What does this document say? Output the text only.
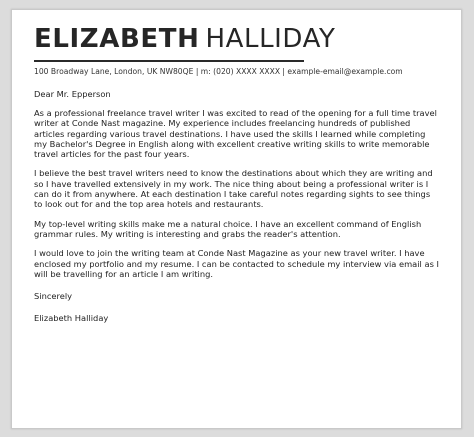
ELIZABETH HALLIDAY
100 Broadway Lane, London, UK NW80QE | m: (020) XXXX XXXX | example-email@example.com
Dear Mr. Epperson

As a professional freelance travel writer I was excited to read of the opening for a full time travel writer at Conde Nast magazine. My experience includes freelancing hundreds of published articles regarding various travel destinations. I have used the skills I learned while completing my Bachelor's Degree in English along with excellent creative writing skills to write memorable travel articles for the past four years.

I believe the best travel writers need to know the destinations about which they are writing and so I have travelled extensively in my work. The nice thing about being a professional writer is I can do it from anywhere. At each destination I take careful notes regarding sights to see things to look out for and the top area hotels and restaurants.

My top-level writing skills make me a natural choice. I have an excellent command of English grammar rules. My writing is interesting and grabs the reader's attention.

I would love to join the writing team at Conde Nast Magazine as your new travel writer. I have enclosed my portfolio and my resume. I can be contacted to schedule my interview via email as I will be travelling for an article I am writing.

Sincerely
Elizabeth Halliday
